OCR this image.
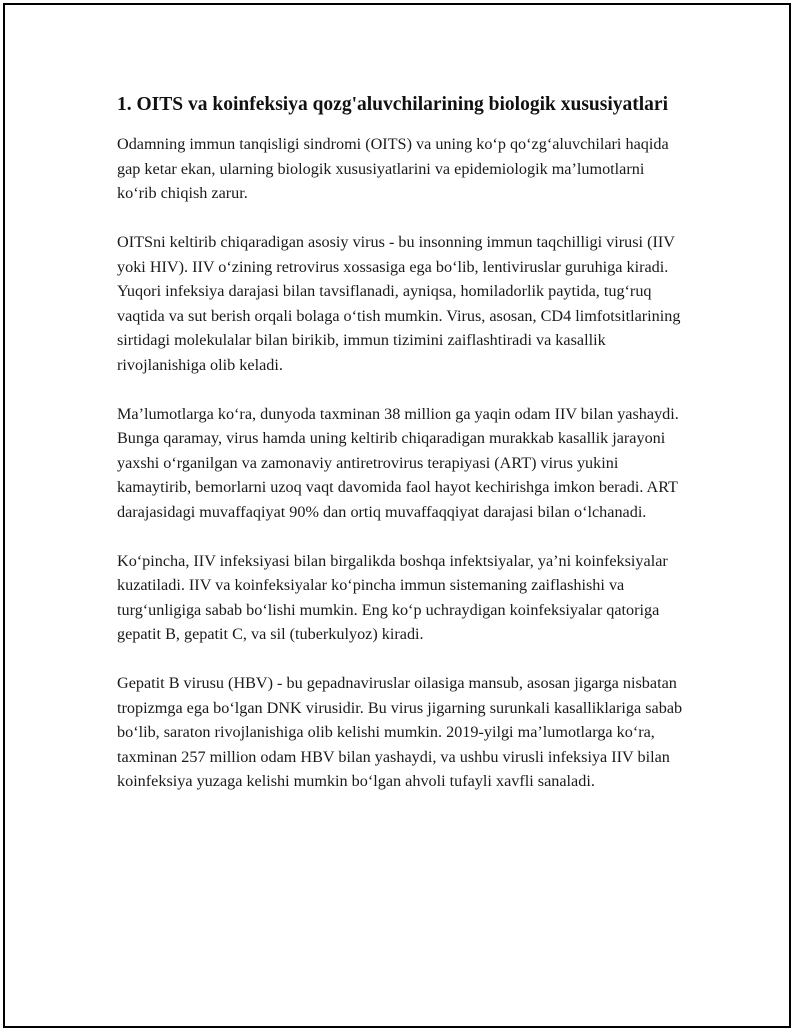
1. OITS va koinfeksiya qozg'aluvchilarining biologik xususiyatlari

Odamning immun tanqisligi sindromi (OITS) va uning ko‘p qo‘zg‘aluvchilari haqida gap ketar ekan, ularning biologik xususiyatlarini va epidemiologik ma’lumotlarni ko‘rib chiqish zarur.

OITSni keltirib chiqaradigan asosiy virus - bu insonning immun taqchilligi virusi (IIV yoki HIV). IIV o‘zining retrovirus xossasiga ega bo‘lib, lentiviruslar guruhiga kiradi. Yuqori infeksiya darajasi bilan tavsiflanadi, ayniqsa, homiladorlik paytida, tug‘ruq vaqtida va sut berish orqali bolaga o‘tish mumkin. Virus, asosan, CD4 limfotsitlarining sirtidagi molekulalar bilan birikib, immun tizimini zaiflashtiradi va kasallik rivojlanishiga olib keladi.

Ma’lumotlarga ko‘ra, dunyoda taxminan 38 million ga yaqin odam IIV bilan yashaydi. Bunga qaramay, virus hamda uning keltirib chiqaradigan murakkab kasallik jarayoni yaxshi o‘rganilgan va zamonaviy antiretrovirus terapiyasi (ART) virus yukini kamaytirib, bemorlarni uzoq vaqt davomida faol hayot kechirishga imkon beradi. ART darajasidagi muvaffaqiyat 90% dan ortiq muvaffaqqiyat darajasi bilan o‘lchanadi.

Ko‘pincha, IIV infeksiyasi bilan birgalikda boshqa infektsiyalar, ya’ni koinfeksiyalar kuzatiladi. IIV va koinfeksiyalar ko‘pincha immun sistemaning zaiflashishi va turg‘unligiga sabab bo‘lishi mumkin. Eng ko‘p uchraydigan koinfeksiyalar qatoriga gepatit B, gepatit C, va sil (tuberkulyoz) kiradi.

Gepatit B virusu (HBV) - bu gepadnaviruslar oilasiga mansub, asosan jigarga nisbatan tropizmga ega bo‘lgan DNK virusidir. Bu virus jigarning surunkali kasalliklariga sabab bo‘lib, saraton rivojlanishiga olib kelishi mumkin. 2019-yilgi ma’lumotlarga ko‘ra, taxminan 257 million odam HBV bilan yashaydi, va ushbu virusli infeksiya IIV bilan koinfeksiya yuzaga kelishi mumkin bo‘lgan ahvoli tufayli xavfli sanaladi.
